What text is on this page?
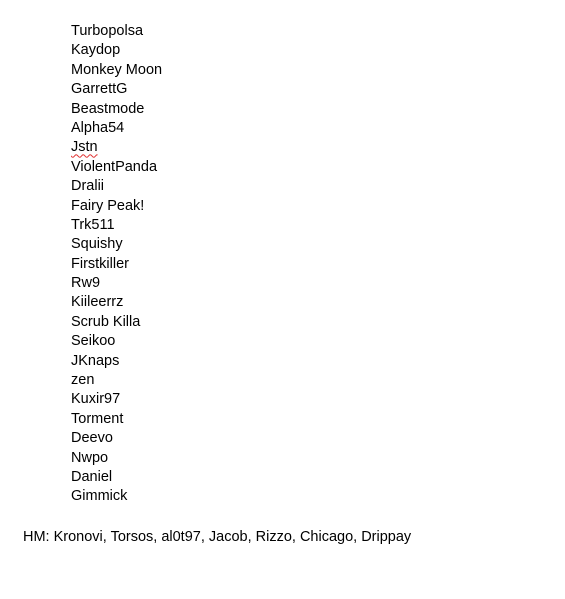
Turbopolsa
Kaydop
Monkey Moon
GarrettG
Beastmode
Alpha54
Jstn
ViolentPanda
Dralii
Fairy Peak!
Trk511
Squishy
Firstkiller
Rw9
Kiileerrz
Scrub Killa
Seikoo
JKnaps
zen
Kuxir97
Torment
Deevo
Nwpo
Daniel
Gimmick
HM: Kronovi, Torsos, al0t97, Jacob, Rizzo, Chicago, Drippay
